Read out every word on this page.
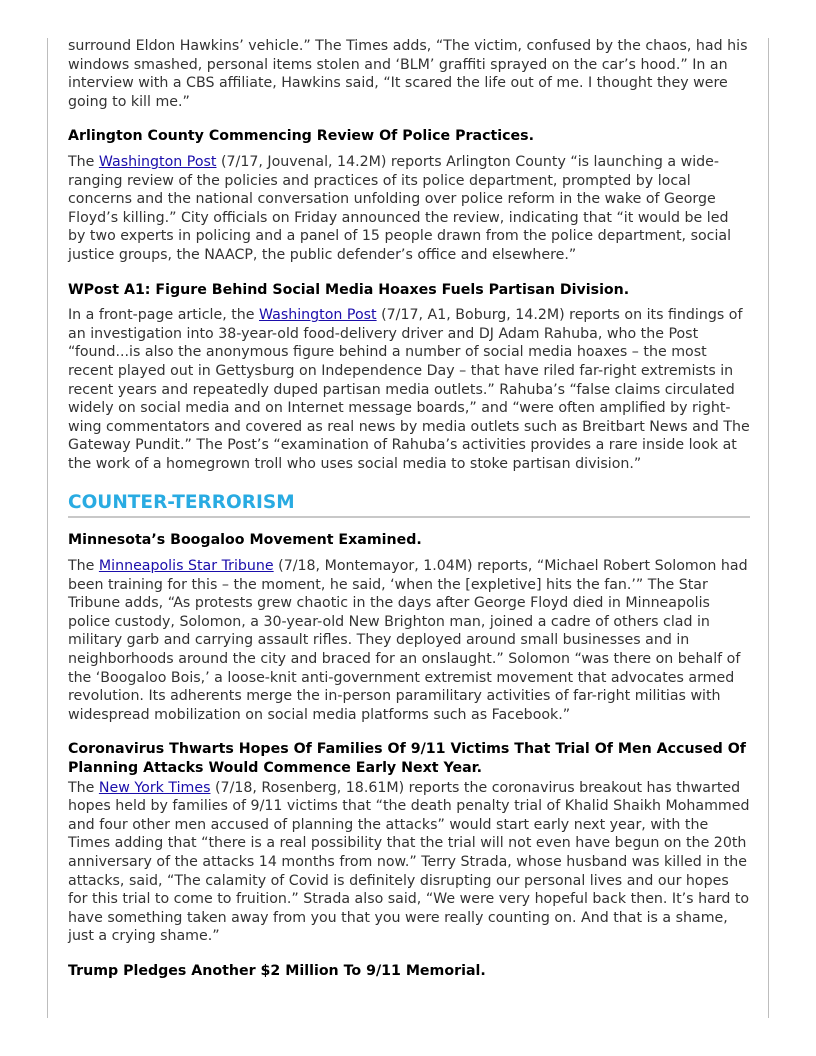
surround Eldon Hawkins’ vehicle.” The Times adds, “The victim, confused by the chaos, had his windows smashed, personal items stolen and ‘BLM’ graffiti sprayed on the car’s hood.” In an interview with a CBS affiliate, Hawkins said, “It scared the life out of me. I thought they were going to kill me.”

Arlington County Commencing Review Of Police Practices.

The Washington Post (7/17, Jouvenal, 14.2M) reports Arlington County “is launching a wide-ranging review of the policies and practices of its police department, prompted by local concerns and the national conversation unfolding over police reform in the wake of George Floyd’s killing.” City officials on Friday announced the review, indicating that “it would be led by two experts in policing and a panel of 15 people drawn from the police department, social justice groups, the NAACP, the public defender’s office and elsewhere.”

WPost A1: Figure Behind Social Media Hoaxes Fuels Partisan Division.

In a front-page article, the Washington Post (7/17, A1, Boburg, 14.2M) reports on its findings of an investigation into 38-year-old food-delivery driver and DJ Adam Rahuba, who the Post “found...is also the anonymous figure behind a number of social media hoaxes – the most recent played out in Gettysburg on Independence Day – that have riled far-right extremists in recent years and repeatedly duped partisan media outlets.” Rahuba’s “false claims circulated widely on social media and on Internet message boards,” and “were often amplified by right-wing commentators and covered as real news by media outlets such as Breitbart News and The Gateway Pundit.” The Post’s “examination of Rahuba’s activities provides a rare inside look at the work of a homegrown troll who uses social media to stoke partisan division.”

COUNTER-TERRORISM
Minnesota’s Boogaloo Movement Examined.

The Minneapolis Star Tribune (7/18, Montemayor, 1.04M) reports, “Michael Robert Solomon had been training for this – the moment, he said, ‘when the [expletive] hits the fan.’” The Star Tribune adds, “As protests grew chaotic in the days after George Floyd died in Minneapolis police custody, Solomon, a 30-year-old New Brighton man, joined a cadre of others clad in military garb and carrying assault rifles. They deployed around small businesses and in neighborhoods around the city and braced for an onslaught.” Solomon “was there on behalf of the ‘Boogaloo Bois,’ a loose-knit anti-government extremist movement that advocates armed revolution. Its adherents merge the in-person paramilitary activities of far-right militias with widespread mobilization on social media platforms such as Facebook.”

Coronavirus Thwarts Hopes Of Families Of 9/11 Victims That Trial Of Men Accused Of Planning Attacks Would Commence Early Next Year.

The New York Times (7/18, Rosenberg, 18.61M) reports the coronavirus breakout has thwarted hopes held by families of 9/11 victims that “the death penalty trial of Khalid Shaikh Mohammed and four other men accused of planning the attacks” would start early next year, with the Times adding that “there is a real possibility that the trial will not even have begun on the 20th anniversary of the attacks 14 months from now.” Terry Strada, whose husband was killed in the attacks, said, “The calamity of Covid is definitely disrupting our personal lives and our hopes for this trial to come to fruition.” Strada also said, “We were very hopeful back then. It’s hard to have something taken away from you that you were really counting on. And that is a shame, just a crying shame.”

Trump Pledges Another $2 Million To 9/11 Memorial.
